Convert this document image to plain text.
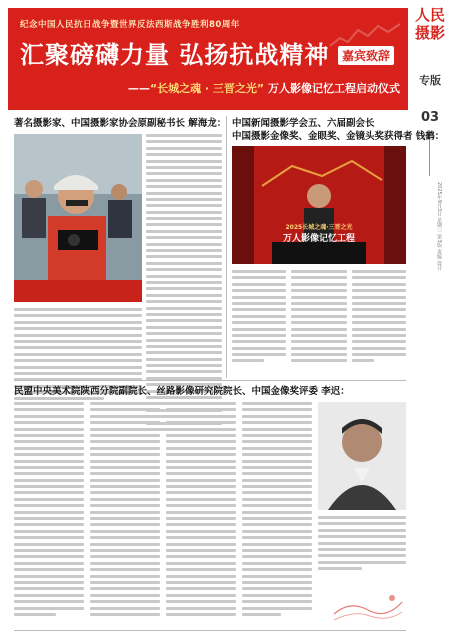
纪念中国人民抗日战争暨世界反法西斯战争胜利80周年
汇聚磅礴力量 弘扬抗战精神	嘉宾致辞
——“长城之魂 · 三晋之光” 万人影像记忆工程启动仪式
人民
摄影
专版
03
2025年9月3日 星期三 第3版 责编 设计
著名摄影家、中国摄影家协会原副秘书长 解海龙： 中国新闻摄影学会五、六届副会长
中国摄影金像奖、金眼奖、金镜头奖获得者 钱鹤：
2025长城之魂·三晋之光
万人影像记忆工程
民盟中央美术院陕西分院副院长、丝路影像研究院院长、中国金像奖评委 李迟：
